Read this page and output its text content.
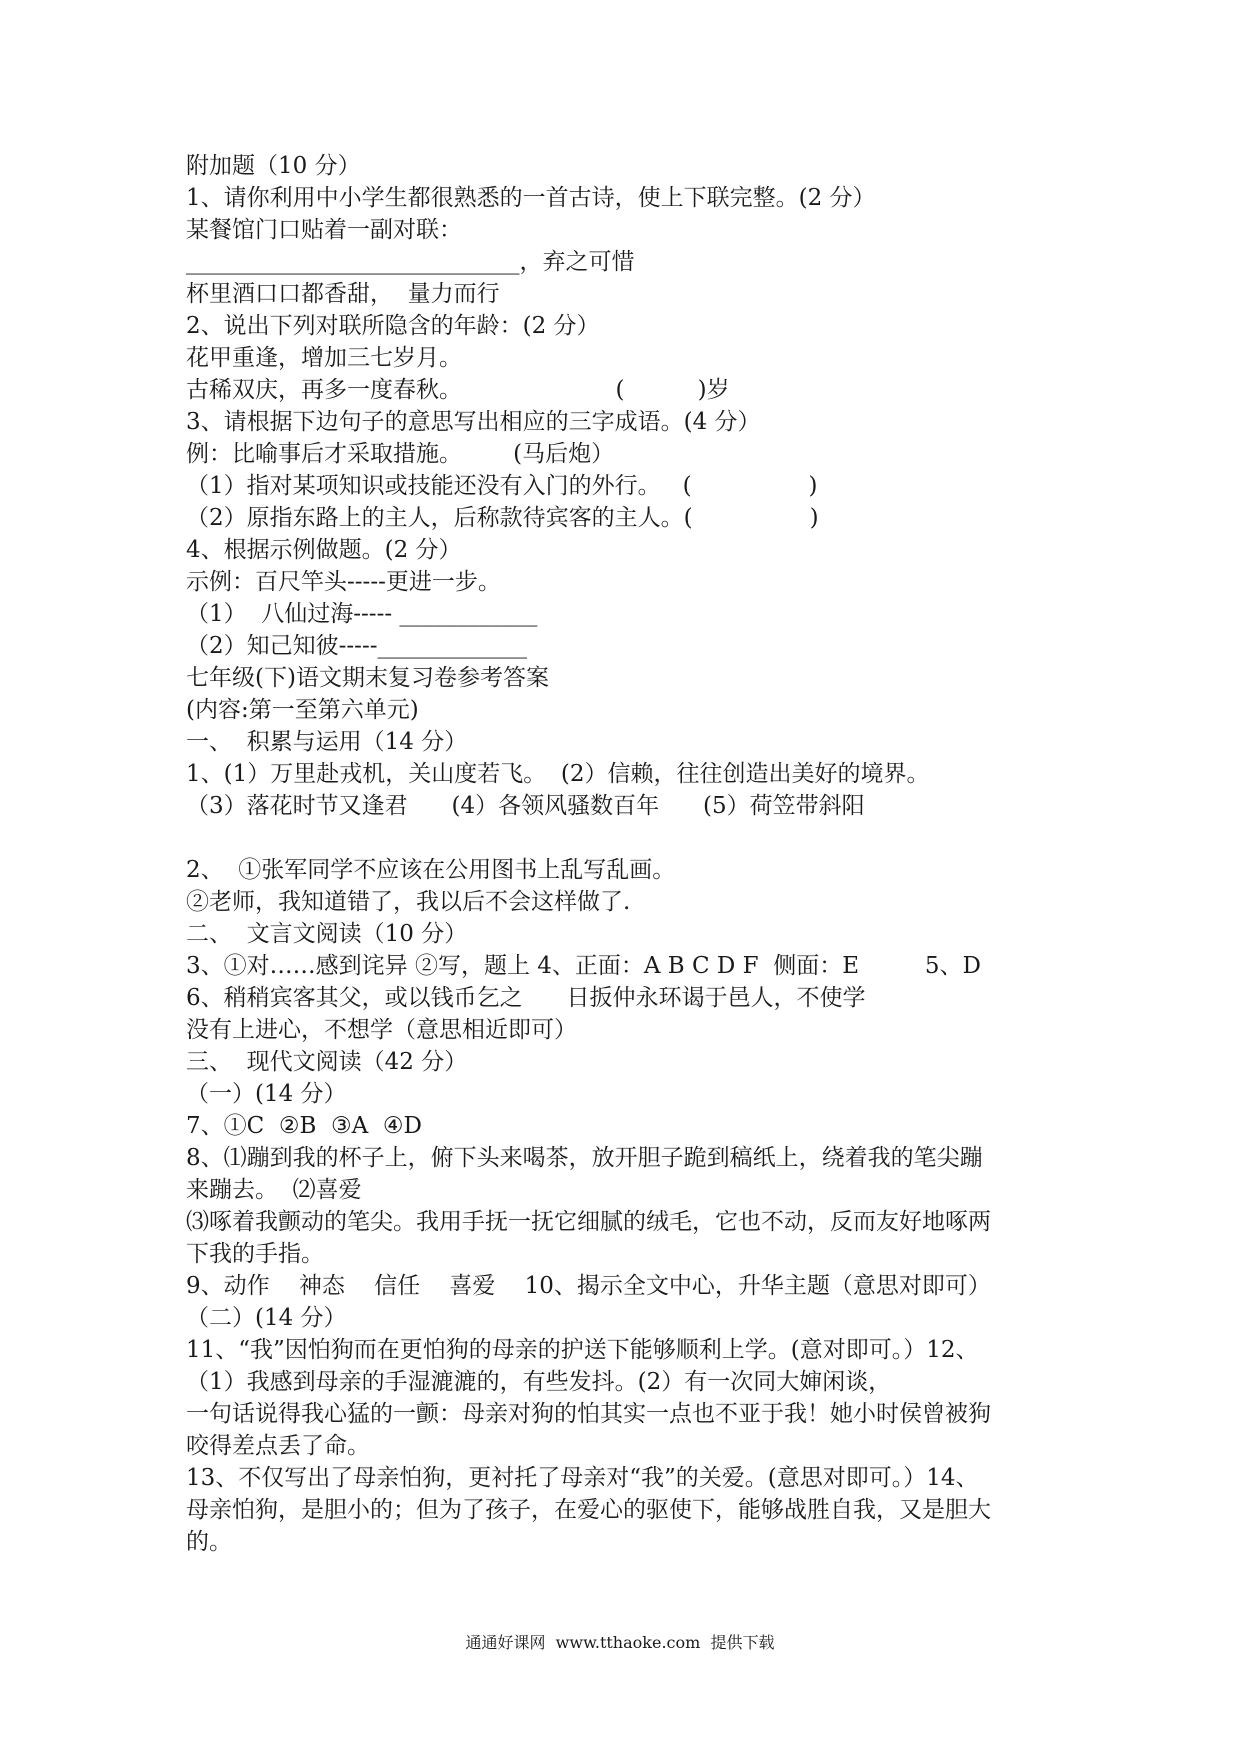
附加题（10 分）
1、请你利用中小学生都很熟悉的一首古诗，使上下联完整。(2 分）
某餐馆门口贴着一副对联：
_____________________________，弃之可惜
杯里酒口口都香甜，  量力而行
2、说出下列对联所隐含的年龄：(2 分）
花甲重逢，增加三七岁月。
古稀双庆，再多一度春秋。                     (          )岁
3、请根据下边句子的意思写出相应的三字成语。(4 分）
例：比喻事后才采取措施。       (马后炮）
（1）指对某项知识或技能还没有入门的外行。   (                )
（2）原指东路上的主人，后称款待宾客的主人。(                )
4、根据示例做题。(2 分）
示例：百尺竿头-----更进一步。
（1）  八仙过海----- ____________
（2）知己知彼-----_____________
七年级(下)语文期末复习卷参考答案
(内容:第一至第六单元)
一、  积累与运用（14 分）
1、(1）万里赴戎机，关山度若飞。  (2）信赖，往往创造出美好的境界。
（3）落花时节又逢君      (4）各领风骚数百年      (5）荷笠带斜阳
2、  ①张军同学不应该在公用图书上乱写乱画。
②老师，我知道错了，我以后不会这样做了.
二、  文言文阅读（10 分）
3、①对……感到诧异 ②写，题上 4、正面：A B C D F  侧面：E         5、D
6、稍稍宾客其父，或以钱币乞之      日扳仲永环谒于邑人，不使学
没有上进心，不想学（意思相近即可）
三、  现代文阅读（42 分）
（一）(14 分）
7、①C  ②B  ③A  ④D
8、⑴蹦到我的杯子上，俯下头来喝茶，放开胆子跪到稿纸上，绕着我的笔尖蹦
来蹦去。  ⑵喜爱
⑶啄着我颤动的笔尖。我用手抚一抚它细腻的绒毛，它也不动，反而友好地啄两
下我的手指。
9、动作    神态    信任    喜爱    10、揭示全文中心，升华主题（意思对即可）
（二）(14 分）
11、“我”因怕狗而在更怕狗的母亲的护送下能够顺利上学。(意对即可。）12、
（1）我感到母亲的手湿漉漉的，有些发抖。(2）有一次同大婶闲谈，
一句话说得我心猛的一颤：母亲对狗的怕其实一点也不亚于我！她小时侯曾被狗
咬得差点丢了命。
13、不仅写出了母亲怕狗，更衬托了母亲对“我”的关爱。(意思对即可。）14、
母亲怕狗，是胆小的；但为了孩子，在爱心的驱使下，能够战胜自我，又是胆大
的。
通通好课网  www.tthaoke.com  提供下载
